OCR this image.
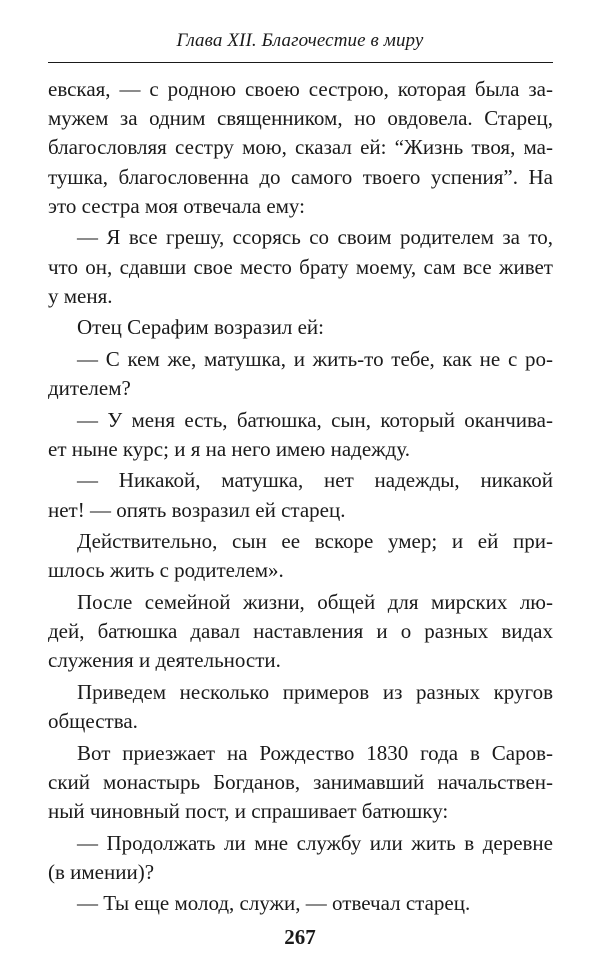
Глава XII. Благочестие в миру
евская, — с родною своею сестрою, которая была за-
мужем за одним священником, но овдовела. Старец,
благословляя сестру мою, сказал ей: “Жизнь твоя, ма-
тушка, благословенна до самого твоего успения”. На
это сестра моя отвечала ему:
— Я все грешу, ссорясь со своим родителем за то,
что он, сдавши свое место брату моему, сам все живет
у меня.
Отец Серафим возразил ей:
— С кем же, матушка, и жить-то тебе, как не с ро-
дителем?
— У меня есть, батюшка, сын, который оканчива-
ет ныне курс; и я на него имею надежду.
— Никакой, матушка, нет надежды, никакой
нет! — опять возразил ей старец.
Действительно, сын ее вскоре умер; и ей при-
шлось жить с родителем».
После семейной жизни, общей для мирских лю-
дей, батюшка давал наставления и о разных видах
служения и деятельности.
Приведем несколько примеров из разных кругов
общества.
Вот приезжает на Рождество 1830 года в Саров-
ский монастырь Богданов, занимавший начальствен-
ный чиновный пост, и спрашивает батюшку:
— Продолжать ли мне службу или жить в деревне
(в имении)?
— Ты еще молод, служи, — отвечал старец.
267
